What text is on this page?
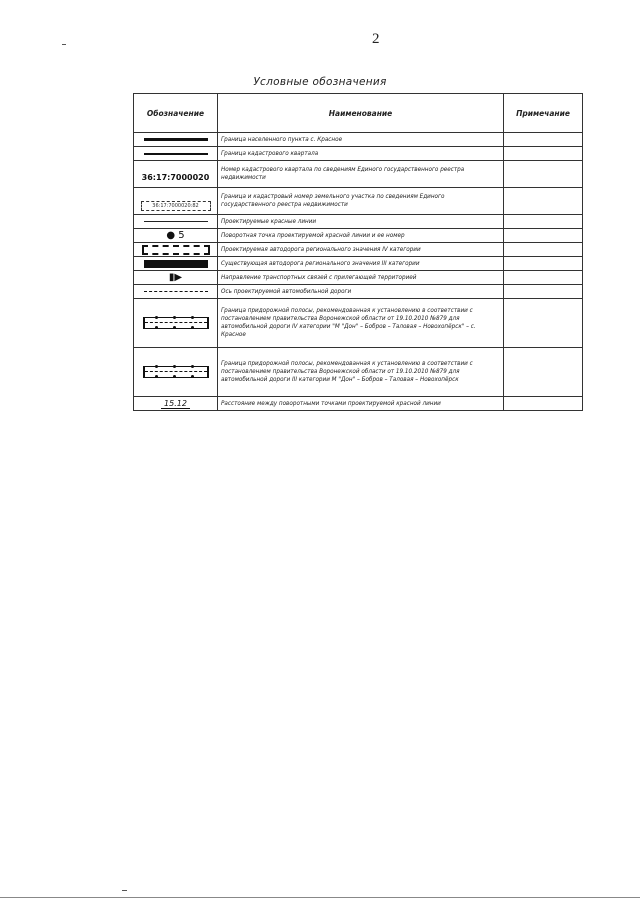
2
Условные обозначения
Обозначение	Наименование	Примечание

	Граница населенного пункта с. Красное	

	Граница кадастрового квартала	
36:17:7000020	Номер кадастрового квартала по сведениям Единого государственного реестра недвижимости	
36:17:7000020:82	Граница и кадастровый номер земельного участка по сведениям Единого государственного реестра недвижимости	

	Проектируемые красные линии	
● 5	Поворотная точка проектируемой красной линии и ее номер	

	Проектируемая автодорога регионального значения IV категории	

	Существующая автодорога регионального значения III категории	
▮▶	Направление транспортных связей с прилегающей территорией	

	Ось проектируемой автомобильной дороги	

	Граница придорожной полосы, рекомендованная к установлению в соответствии с постановлением правительства Воронежской области от 19.10.2010 №879 для автомобильной дороги IV категории "М "Дон" – Бобров – Таловая – Новохопёрск" – с. Красное	

	Граница придорожной полосы, рекомендованная к установлению в соответствии с постановлением правительства Воронежской области от 19.10.2010 №879 для автомобильной дороги III категории М "Дон" – Бобров – Таловая – Новохопёрск	
15.12	Расстояние между поворотными точками проектируемой красной линии	
